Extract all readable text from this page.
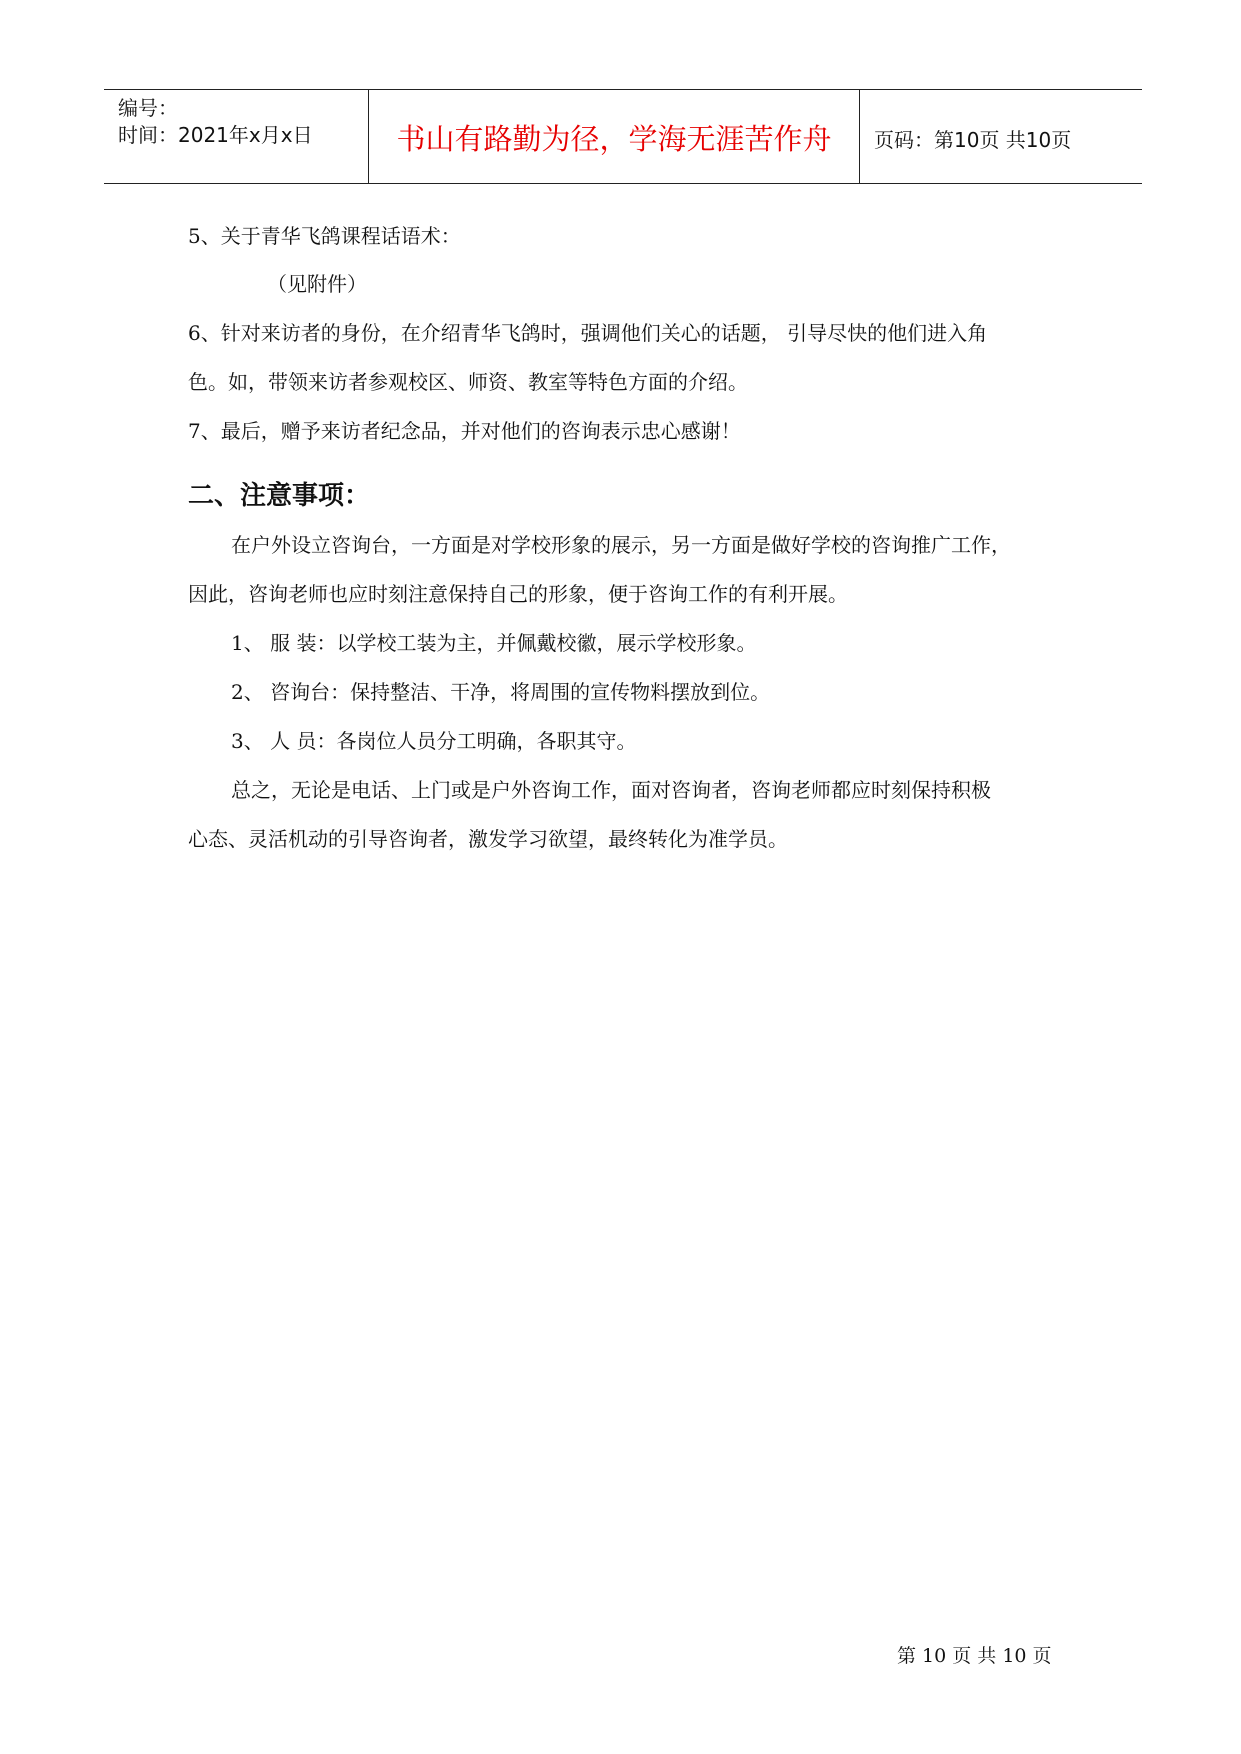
编号：
时间：2021年x月x日	书山有路勤为径，学海无涯苦作舟	页码：第10页 共10页
5、关于青华飞鸽课程话语术：
（见附件）
6、针对来访者的身份，在介绍青华飞鸽时，强调他们关心的话题， 引导尽快的他们进入角
色。如，带领来访者参观校区、师资、教室等特色方面的介绍。
7、最后，赠予来访者纪念品，并对他们的咨询表示忠心感谢！
二、注意事项：
在户外设立咨询台，一方面是对学校形象的展示，另一方面是做好学校的咨询推广工作，
因此，咨询老师也应时刻注意保持自己的形象，便于咨询工作的有利开展。
1、 服 装：以学校工装为主，并佩戴校徽，展示学校形象。
2、 咨询台：保持整洁、干净，将周围的宣传物料摆放到位。
3、 人 员：各岗位人员分工明确，各职其守。
总之，无论是电话、上门或是户外咨询工作，面对咨询者，咨询老师都应时刻保持积极
心态、灵活机动的引导咨询者，激发学习欲望，最终转化为准学员。
第 10 页 共 10 页
